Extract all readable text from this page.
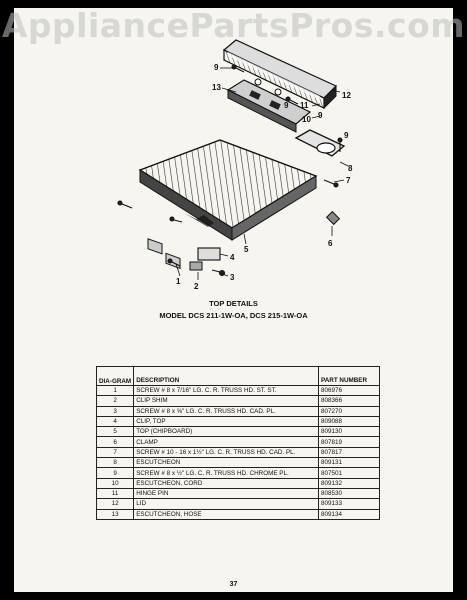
AppliancePartsPros.com
9
13
9 11
12
10 9
8
9
7
6
4
5
3
2
1
TOP DETAILS
MODEL DCS 211-1W-OA, DCS 215-1W-OA
DIA-GRAM	DESCRIPTION	PART NUMBER
1	SCREW # 8 x 7/16" LG. C. R. TRUSS HD. ST. ST.	806976
2	CLIP SHIM	808366
3	SCREW # 8 x ⅝" LG. C. R. TRUSS HD. CAD. PL.	807270
4	CLIP, TOP	809088
5	TOP (CHIPBOARD)	809130
6	CLAMP	807819
7	SCREW # 10 - 16 x 1½" LG. C. R. TRUSS HD. CAD. PL.	807817
8	ESCUTCHEON	809131
9	SCREW # 8 x ½" LG. C. R. TRUSS HD. CHROME PL.	807501
10	ESCUTCHEON, CORD	809132
11	HINGE PIN	808530
12	LID	809133
13	ESCUTCHEON, HOSE	809134
37
